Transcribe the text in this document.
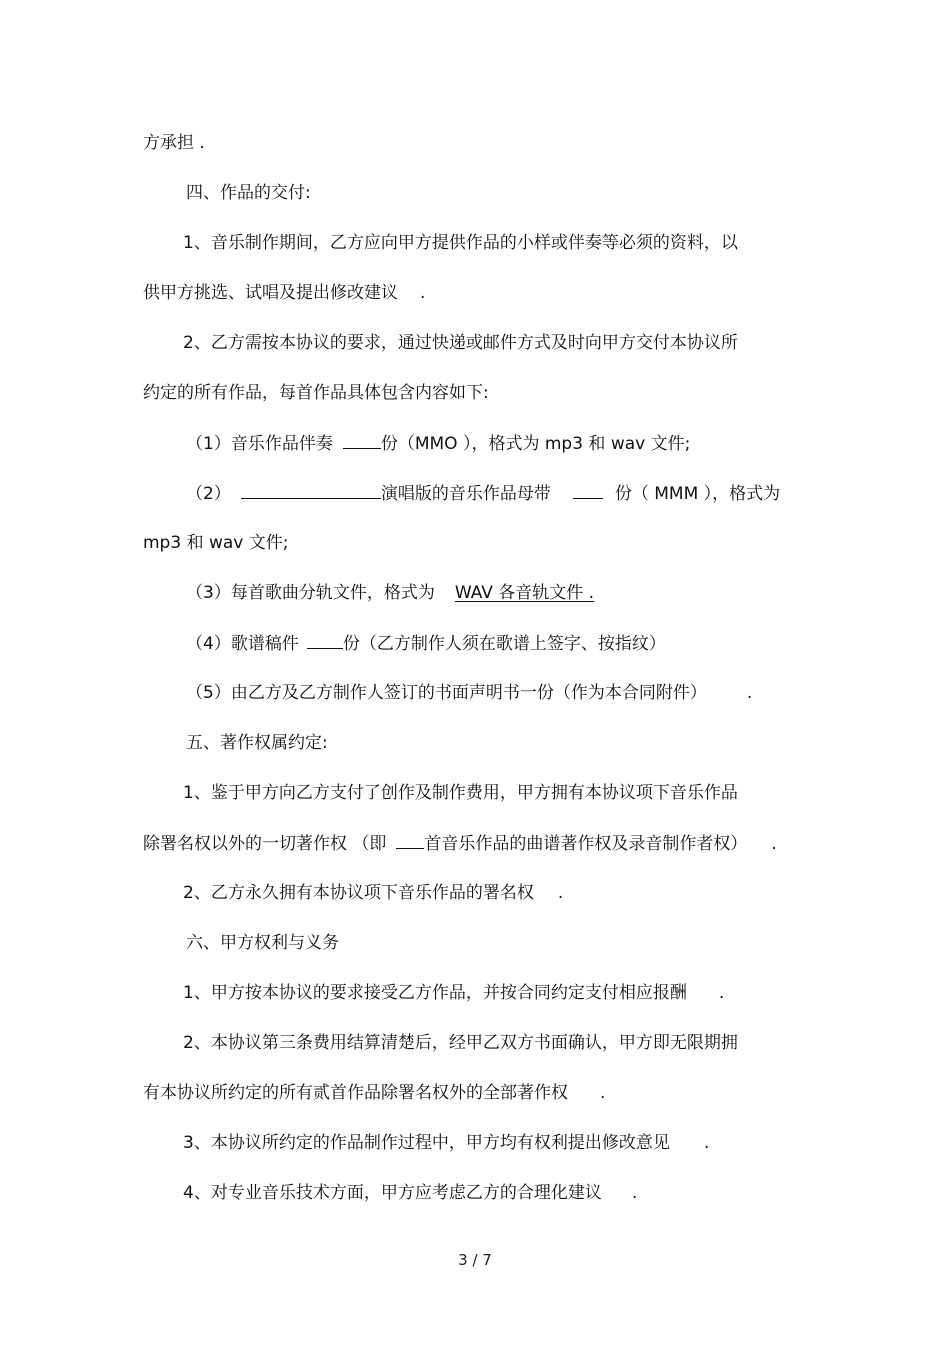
方承担 .
四、作品的交付:
1、音乐制作期间，乙方应向甲方提供作品的小样或伴奏等必须的资料，以
供甲方挑选、试唱及提出修改建议 .
2、乙方需按本协议的要求，通过快递或邮件方式及时向甲方交付本协议所
约定的所有作品，每首作品具体包含内容如下:
（1）音乐作品伴奏	份（MMO ），格式为 mp3 和 wav 文件;
（2）	演唱版的音乐作品母带	份（ MMM ），格式为
mp3 和 wav 文件;
（3）每首歌曲分轨文件，格式为 WAV 各音轨文件 .
（4）歌谱稿件	份（乙方制作人须在歌谱上签字、按指纹）
（5）由乙方及乙方制作人签订的书面声明书一份（作为本合同附件） .
五、著作权属约定:
1、鉴于甲方向乙方支付了创作及制作费用，甲方拥有本协议项下音乐作品
除署名权以外的一切著作权 （即 首音乐作品的曲谱著作权及录音制作者权） .
2、乙方永久拥有本协议项下音乐作品的署名权 .
六、甲方权利与义务
1、甲方按本协议的要求接受乙方作品，并按合同约定支付相应报酬 .
2、本协议第三条费用结算清楚后，经甲乙双方书面确认，甲方即无限期拥
有本协议所约定的所有贰首作品除署名权外的全部著作权 .
3、本协议所约定的作品制作过程中，甲方均有权利提出修改意见 .
4、对专业音乐技术方面，甲方应考虑乙方的合理化建议 .
3 / 7
